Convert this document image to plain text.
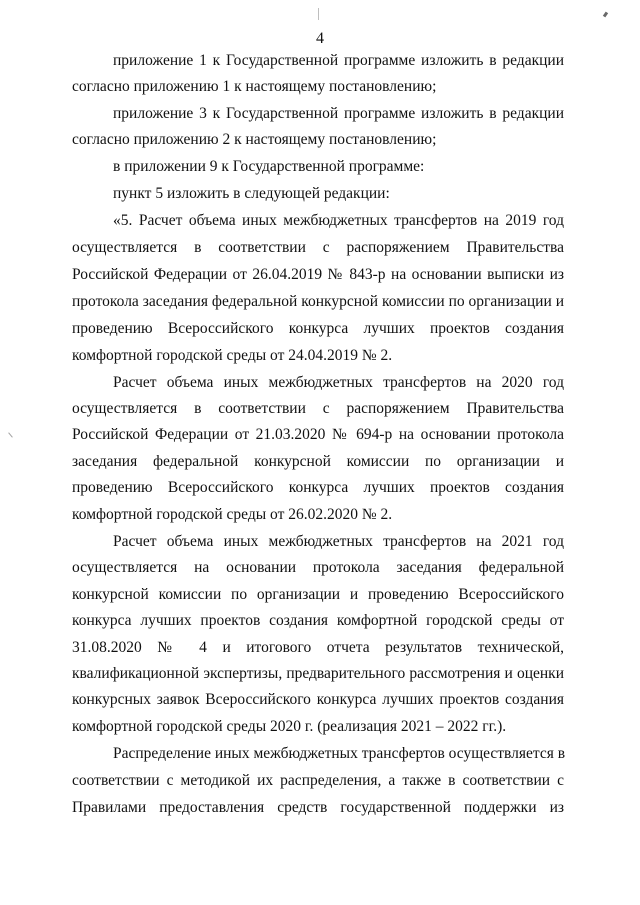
4
приложение 1 к Государственной программе изложить в редакции
согласно приложению 1 к настоящему постановлению;
приложение 3 к Государственной программе изложить в редакции
согласно приложению 2 к настоящему постановлению;
в приложении 9 к Государственной программе:
пункт 5 изложить в следующей редакции:
«5. Расчет объема иных межбюджетных трансфертов на 2019 год
осуществляется в соответствии с распоряжением Правительства
Российской Федерации от 26.04.2019 № 843-р на основании выписки из
протокола заседания федеральной конкурсной комиссии по организации и
проведению Всероссийского конкурса лучших проектов создания
комфортной городской среды от 24.04.2019 № 2.
Расчет объема иных межбюджетных трансфертов на 2020 год
осуществляется в соответствии с распоряжением Правительства
Российской Федерации от 21.03.2020 № 694-р на основании протокола
заседания федеральной конкурсной комиссии по организации и
проведению Всероссийского конкурса лучших проектов создания
комфортной городской среды от 26.02.2020 № 2.
Расчет объема иных межбюджетных трансфертов на 2021 год
осуществляется на основании протокола заседания федеральной
конкурсной комиссии по организации и проведению Всероссийского
конкурса лучших проектов создания комфортной городской среды от
31.08.2020 № 4 и итогового отчета результатов технической,
квалификационной экспертизы, предварительного рассмотрения и оценки
конкурсных заявок Всероссийского конкурса лучших проектов создания
комфортной городской среды 2020 г. (реализация 2021 – 2022 гг.).
Распределение иных межбюджетных трансфертов осуществляется в
соответствии с методикой их распределения, а также в соответствии с
Правилами предоставления средств государственной поддержки из
